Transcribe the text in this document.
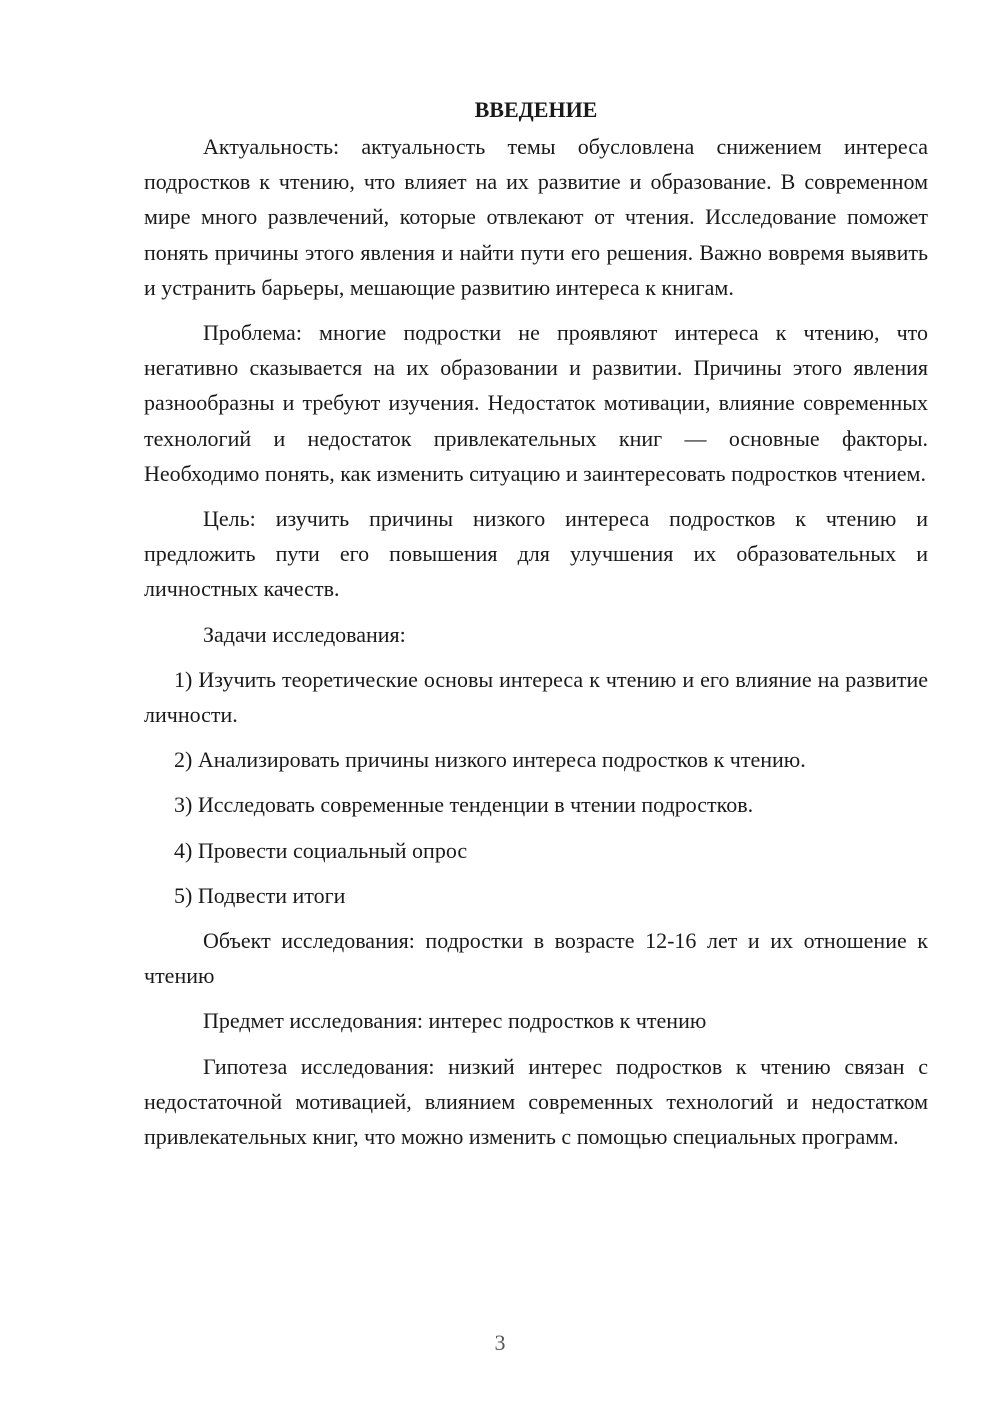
ВВЕДЕНИЕ

Актуальность: актуальность темы обусловлена снижением интереса подростков к чтению, что влияет на их развитие и образование. В современном мире много развлечений, которые отвлекают от чтения. Исследование поможет понять причины этого явления и найти пути его решения. Важно вовремя выявить и устранить барьеры, мешающие развитию интереса к книгам.

Проблема: многие подростки не проявляют интереса к чтению, что негативно сказывается на их образовании и развитии. Причины этого явления разнообразны и требуют изучения. Недостаток мотивации, влияние современных технологий и недостаток привлекательных книг — основные факторы. Необходимо понять, как изменить ситуацию и заинтересовать подростков чтением.

Цель: изучить причины низкого интереса подростков к чтению и предложить пути его повышения для улучшения их образовательных и личностных качеств.

Задачи исследования:

1) Изучить теоретические основы интереса к чтению и его влияние на развитие личности.

2) Анализировать причины низкого интереса подростков к чтению.

3) Исследовать современные тенденции в чтении подростков.

4) Провести социальный опрос

5) Подвести итоги

Объект исследования: подростки в возрасте 12-16 лет и их отношение к чтению

Предмет исследования: интерес подростков к чтению

Гипотеза исследования: низкий интерес подростков к чтению связан с недостаточной мотивацией, влиянием современных технологий и недостатком привлекательных книг, что можно изменить с помощью специальных программ.

3
